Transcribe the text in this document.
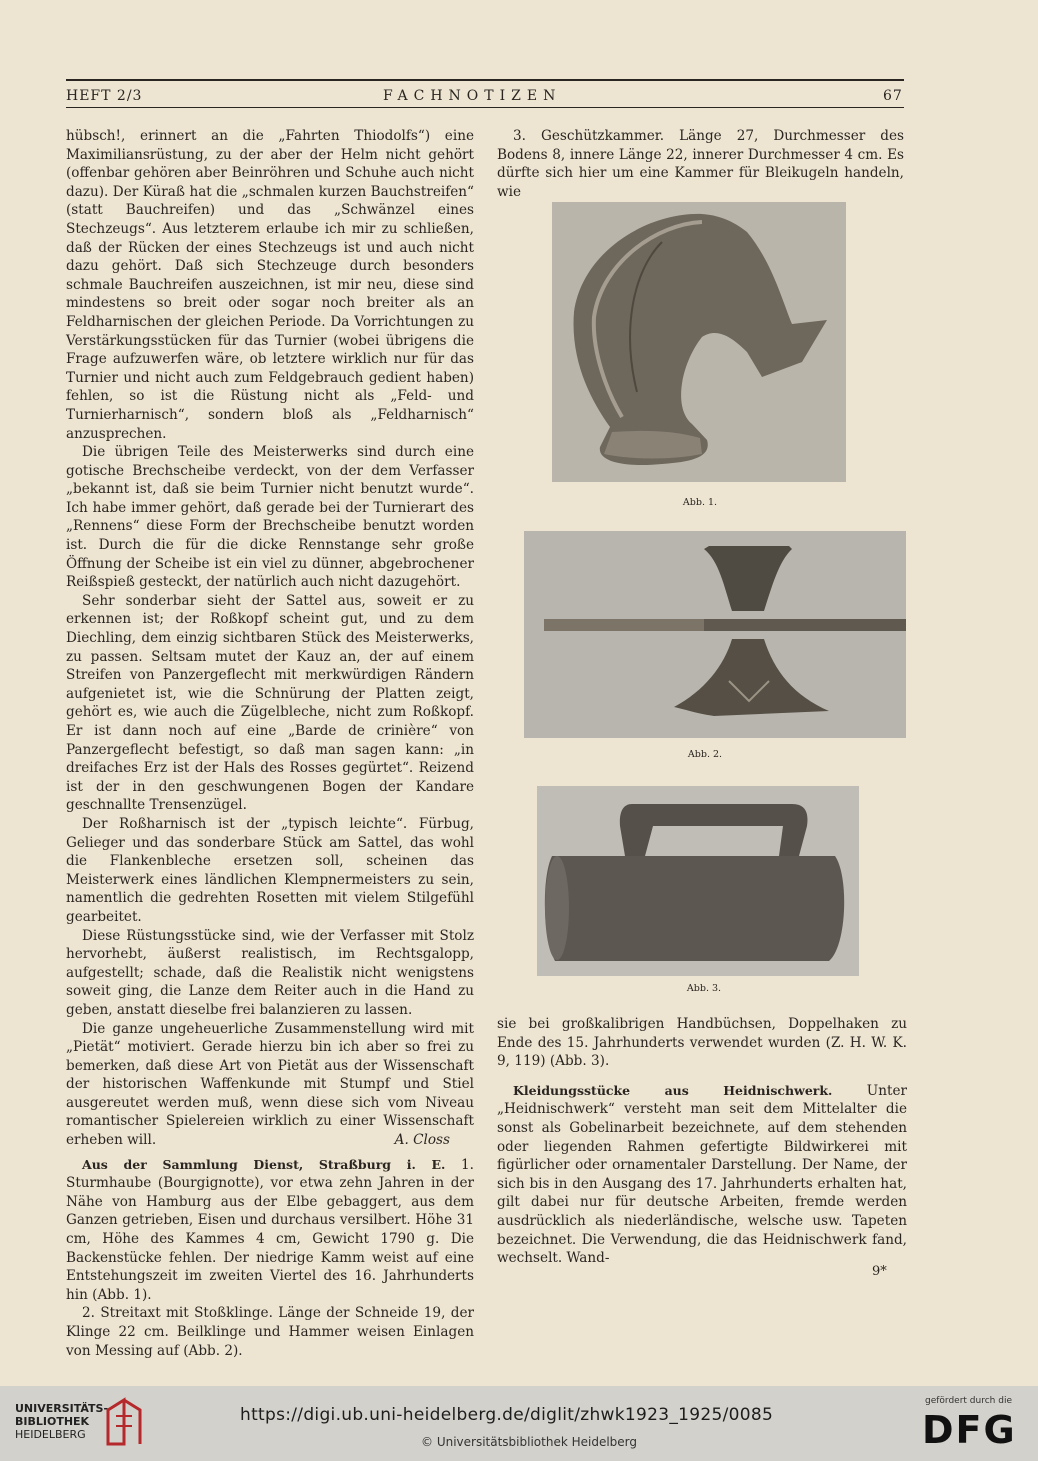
HEFT 2/3	FACHNOTIZEN	67

hübsch!, erinnert an die „Fahrten Thiodolfs“) eine Maximiliansrüstung, zu der aber der Helm nicht gehört (offenbar gehören aber Beinröhren und Schuhe auch nicht dazu). Der Küraß hat die „schmalen kurzen Bauchstreifen“ (statt Bauchreifen) und das „Schwänzel eines Stechzeugs“. Aus letzterem erlaube ich mir zu schließen, daß der Rücken der eines Stechzeugs ist und auch nicht dazu gehört. Daß sich Stechzeuge durch besonders schmale Bauchreifen auszeichnen, ist mir neu, diese sind mindestens so breit oder sogar noch breiter als an Feldharnischen der gleichen Periode. Da Vorrichtungen zu Verstärkungsstücken für das Turnier (wobei übrigens die Frage aufzuwerfen wäre, ob letztere wirklich nur für das Turnier und nicht auch zum Feldgebrauch gedient haben) fehlen, so ist die Rüstung nicht als „Feld- und Turnierharnisch“, sondern bloß als „Feldharnisch“ anzusprechen.

Die übrigen Teile des Meisterwerks sind durch eine gotische Brechscheibe verdeckt, von der dem Verfasser „bekannt ist, daß sie beim Turnier nicht benutzt wurde“. Ich habe immer gehört, daß gerade bei der Turnierart des „Rennens“ diese Form der Brechscheibe benutzt worden ist. Durch die für die dicke Rennstange sehr große Öffnung der Scheibe ist ein viel zu dünner, abgebrochener Reißspieß gesteckt, der natürlich auch nicht dazugehört.

Sehr sonderbar sieht der Sattel aus, soweit er zu erkennen ist; der Roßkopf scheint gut, und zu dem Diechling, dem einzig sichtbaren Stück des Meisterwerks, zu passen. Seltsam mutet der Kauz an, der auf einem Streifen von Panzergeflecht mit merkwürdigen Rändern aufgenietet ist, wie die Schnürung der Platten zeigt, gehört es, wie auch die Zügelbleche, nicht zum Roßkopf. Er ist dann noch auf eine „Barde de crinière“ von Panzergeflecht befestigt, so daß man sagen kann: „in dreifaches Erz ist der Hals des Rosses gegürtet“. Reizend ist der in den geschwungenen Bogen der Kandare geschnallte Trensenzügel.

Der Roßharnisch ist der „typisch leichte“. Fürbug, Gelieger und das sonderbare Stück am Sattel, das wohl die Flankenbleche ersetzen soll, scheinen das Meisterwerk eines ländlichen Klempnermeisters zu sein, namentlich die gedrehten Rosetten mit vielem Stilgefühl gearbeitet.

Diese Rüstungsstücke sind, wie der Verfasser mit Stolz hervorhebt, äußerst realistisch, im Rechtsgalopp, aufgestellt; schade, daß die Realistik nicht wenigstens soweit ging, die Lanze dem Reiter auch in die Hand zu geben, anstatt dieselbe frei balanzieren zu lassen.

Die ganze ungeheuerliche Zusammenstellung wird mit „Pietät“ motiviert. Gerade hierzu bin ich aber so frei zu bemerken, daß diese Art von Pietät aus der Wissenschaft der historischen Waffenkunde mit Stumpf und Stiel ausgereutet werden muß, wenn diese sich vom Niveau romantischer Spielereien wirklich zu einer Wissenschaft erheben will.	A. Closs

Aus der Sammlung Dienst, Straßburg i. E. 1. Sturmhaube (Bourgignotte), vor etwa zehn Jahren in der Nähe von Hamburg aus der Elbe gebaggert, aus dem Ganzen getrieben, Eisen und durchaus versilbert. Höhe 31 cm, Höhe des Kammes 4 cm, Gewicht 1790 g. Die Backenstücke fehlen. Der niedrige Kamm weist auf eine Entstehungszeit im zweiten Viertel des 16. Jahrhunderts hin (Abb. 1).

2. Streitaxt mit Stoßklinge. Länge der Schneide 19, der Klinge 22 cm. Beilklinge und Hammer weisen Einlagen von Messing auf (Abb. 2).

3. Geschützkammer. Länge 27, Durchmesser des Bodens 8, innere Länge 22, innerer Durchmesser 4 cm. Es dürfte sich hier um eine Kammer für Bleikugeln handeln, wie

Abb. 1.
Abb. 2.
Abb. 3.

sie bei großkalibrigen Handbüchsen, Doppelhaken zu Ende des 15. Jahrhunderts verwendet wurden (Z. H. W. K. 9, 119) (Abb. 3).

Kleidungsstücke aus Heidnischwerk. Unter „Heidnischwerk“ versteht man seit dem Mittelalter die sonst als Gobelinarbeit bezeichnete, auf dem stehenden oder liegenden Rahmen gefertigte Bildwirkerei mit figürlicher oder ornamentaler Darstellung. Der Name, der sich bis in den Ausgang des 17. Jahrhunderts erhalten hat, gilt dabei nur für deutsche Arbeiten, fremde werden ausdrücklich als niederländische, welsche usw. Tapeten bezeichnet. Die Verwendung, die das Heidnischwerk fand, wechselt. Wand-

9*
UNIVERSITÄTS-
BIBLIOTHEK
HEIDELBERG
https://digi.ub.uni-heidelberg.de/diglit/zhwk1923_1925/0085
© Universitätsbibliothek Heidelberg
gefördert durch die
DFG
